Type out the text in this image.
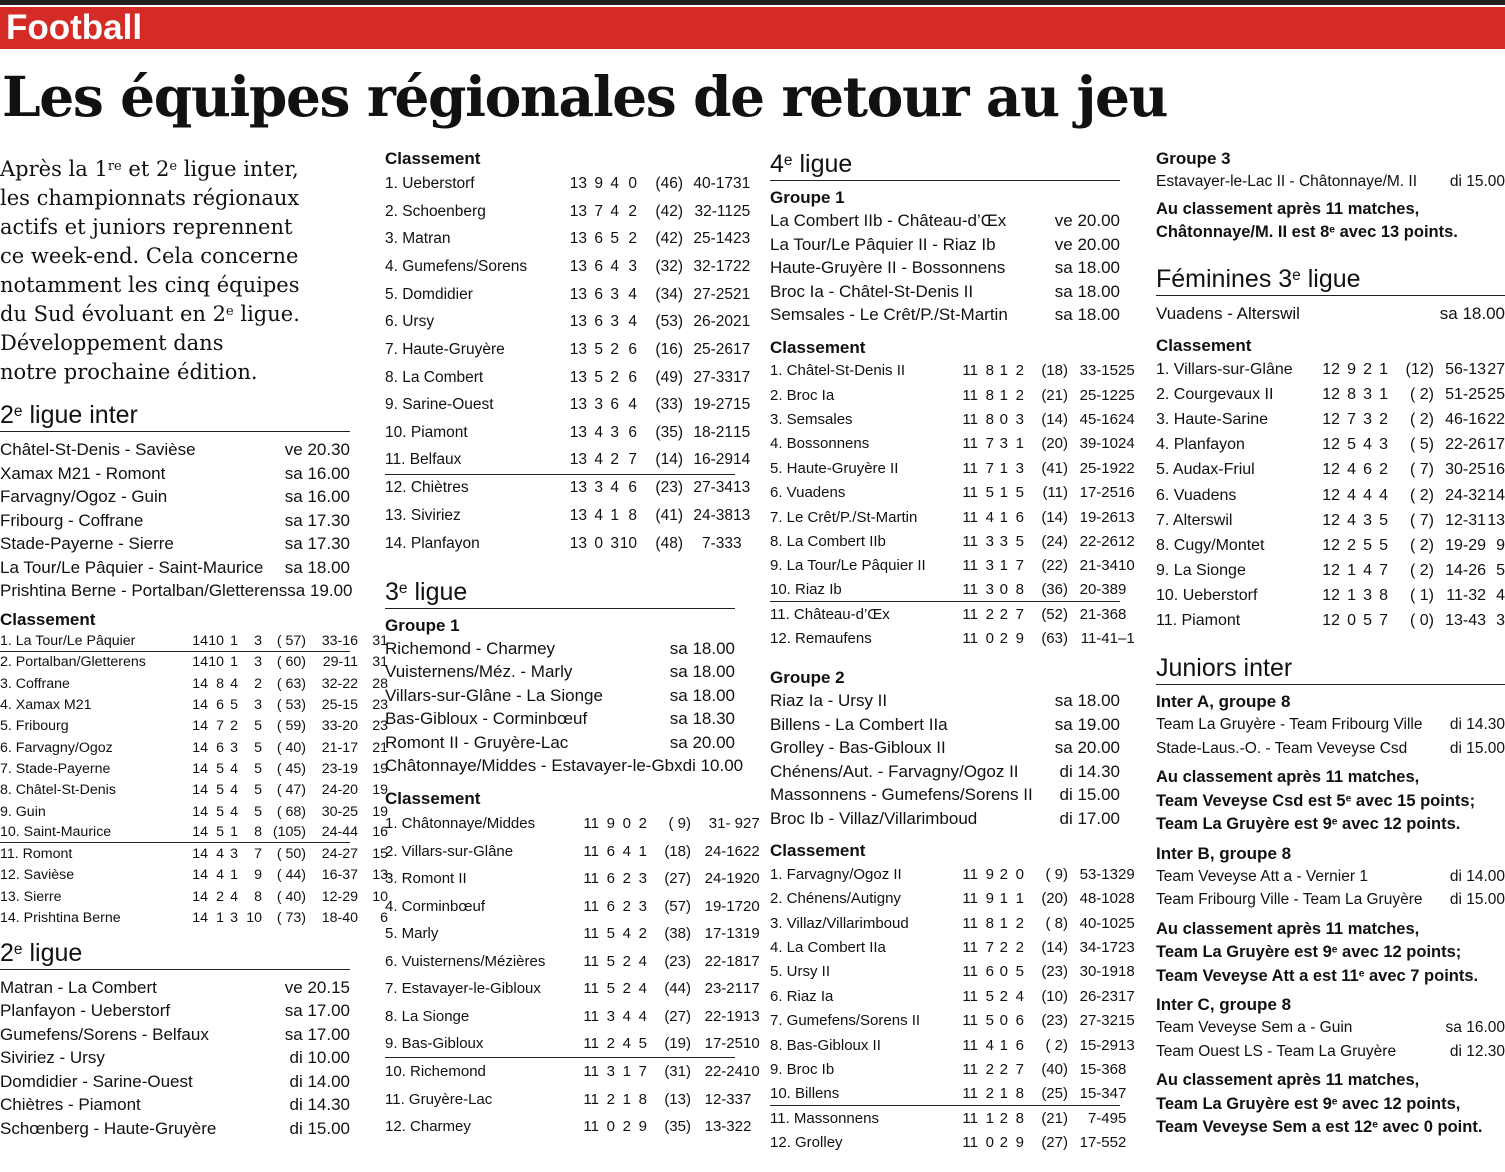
Football
Les équipes régionales de retour au jeu
Après la 1re et 2e ligue inter,
les championnats régionaux
actifs et juniors reprennent
ce week-end. Cela concerne
notamment les cinq équipes
du Sud évoluant en 2e ligue.
Développement dans
notre prochaine édition.
2e ligue inter
Châtel-St-Denis - Savièse	ve 20.30
Xamax M21 - Romont	sa 16.00
Farvagny/Ogoz - Guin	sa 16.00
Fribourg - Coffrane	sa 17.30
Stade-Payerne - Sierre	sa 17.30
La Tour/Le Pâquier - Saint-Maurice sa 18.00
Prishtina Berne - Portalban/Gletterens sa 19.00
Classement
1. La Tour/Le Pâquier	14 10 1	3	( 57)	33-16	31
2. Portalban/Gletterens	14 10 1	3	( 60)	29-11	31
3. Coffrane	14 8 4	2	( 63)	32-22	28
4. Xamax M21	14 6 5	3	( 53)	25-15	23
5. Fribourg	14 7 2	5	( 59)	33-20	23
6. Farvagny/Ogoz	14 6 3	5	( 40)	21-17	21
7. Stade-Payerne	14 5 4	5	( 45)	23-19	19
8. Châtel-St-Denis	14 5 4	5	( 47)	24-20	19
9. Guin	14 5 4	5	( 68)	30-25	19
10. Saint-Maurice	14 5 1	8 (105)	24-44	16
11. Romont	14 4 3	7	( 50)	24-27	15
12. Savièse	14 4 1	9	( 44)	16-37	13
13. Sierre	14 2 4	8	( 40)	12-29	10
14. Prishtina Berne	14 1 3 10	( 73)	18-40	6
2e ligue
Matran - La Combert	ve 20.15
Planfayon - Ueberstorf	sa 17.00
Gumefens/Sorens - Belfaux	sa 17.00
Siviriez - Ursy	di 10.00
Domdidier - Sarine-Ouest	di 14.00
Chiètres - Piamont	di 14.30
Schœnberg - Haute-Gruyère	di 15.00
Classement
1. Ueberstorf	13 9 4 0	(46) 40-17 31
2. Schoenberg	13 7 4 2	(42) 32-11 25
3. Matran	13 6 5 2	(42) 25-14 23
4. Gumefens/Sorens	13 6 4 3	(32) 32-17 22
5. Domdidier	13 6 3 4	(34) 27-25 21
6. Ursy	13 6 3 4	(53) 26-20 21
7. Haute-Gruyère	13 5 2 6	(16) 25-26 17
8. La Combert	13 5 2 6	(49) 27-33 17
9. Sarine-Ouest	13 3 6 4	(33) 19-27 15
10. Piamont	13 4 3 6	(35) 18-21 15
11. Belfaux	13 4 2 7	(14) 16-29 14
12. Chiètres	13 3 4 6	(23) 27-34 13
13. Siviriez	13 4 1 8	(41) 24-38 13
14. Planfayon	13 0 3 10	(48)	7-33 3
3e ligue
Groupe 1
Richemond - Charmey	sa 18.00
Vuisternens/Méz. - Marly	sa 18.00
Villars-sur-Glâne - La Sionge	sa 18.00
Bas-Gibloux - Corminbœuf	sa 18.30
Romont II - Gruyère-Lac	sa 20.00
Châtonnaye/Middes - Estavayer-le-Gbx di 10.00
Classement
1. Châtonnaye/Middes	11 9 0 2	( 9)	31- 9 27
2. Villars-sur-Glâne	11 6 4 1	(18) 24-16 22
3. Romont II	11 6 2 3	(27) 24-19 20
4. Corminbœuf	11 6 2 3	(57) 19-17 20
5. Marly	11 5 4 2	(38) 17-13 19
6. Vuisternens/Mézières	11 5 2 4	(23) 22-18 17
7. Estavayer-le-Gibloux	11 5 2 4	(44) 23-21 17
8. La Sionge	11 3 4 4	(27) 22-19 13
9. Bas-Gibloux	11 2 4 5	(19) 17-25 10
10. Richemond	11 3 1 7	(31) 22-24 10
11. Gruyère-Lac	11 2 1 8	(13) 12-33 7
12. Charmey	11 0 2 9	(35) 13-32 2
4e ligue
Groupe 1
La Combert IIb - Château-d’Œx	ve 20.00
La Tour/Le Pâquier II - Riaz Ib	ve 20.00
Haute-Gruyère II - Bossonnens	sa 18.00
Broc Ia - Châtel-St-Denis II	sa 18.00
Semsales - Le Crêt/P./St-Martin	sa 18.00
Classement
1. Châtel-St-Denis II	11 8 1 2	(18) 33-15 25
2. Broc Ia	11 8 1 2	(21) 25-12 25
3. Semsales	11 8 0 3	(14) 45-16 24
4. Bossonnens	11 7 3 1	(20) 39-10 24
5. Haute-Gruyère II	11 7 1 3	(41) 25-19 22
6. Vuadens	11 5 1 5	(11) 17-25 16
7. Le Crêt/P./St-Martin	11 4 1 6	(14) 19-26 13
8. La Combert IIb	11 3 3 5	(24) 22-26 12
9. La Tour/Le Pâquier II	11 3 1 7	(22) 21-34 10
10. Riaz Ib	11 3 0 8	(36) 20-38 9
11. Château-d’Œx	11 2 2 7	(52) 21-36 8
12. Remaufens	11 0 2 9	(63) 11-41 –1
Groupe 2
Riaz Ia - Ursy II	sa 18.00
Billens - La Combert IIa	sa 19.00
Grolley - Bas-Gibloux II	sa 20.00
Chénens/Aut. - Farvagny/Ogoz II di 14.30
Massonnens - Gumefens/Sorens II di 15.00
Broc Ib - Villaz/Villarimboud	di 17.00
Classement
1. Farvagny/Ogoz II	11 9 2 0	( 9) 53-13 29
2. Chénens/Autigny	11 9 1 1	(20) 48-10 28
3. Villaz/Villarimboud	11 8 1 2	( 8) 40-10 25
4. La Combert IIa	11 7 2 2	(14) 34-17 23
5. Ursy II	11 6 0 5	(23) 30-19 18
6. Riaz Ia	11 5 2 4	(10) 26-23 17
7. Gumefens/Sorens II	11 5 0 6	(23) 27-32 15
8. Bas-Gibloux II	11 4 1 6	( 2) 15-29 13
9. Broc Ib	11 2 2 7	(40) 15-36 8
10. Billens	11 2 1 8	(25) 15-34 7
11. Massonnens	11 1 2 8	(21)	7-49 5
12. Grolley	11 0 2 9	(27) 17-55 2
Groupe 3
Estavayer-le-Lac II - Châtonnaye/M. II di 15.00
Au classement après 11 matches,
Châtonnaye/M. II est 8e avec 13 points.
Féminines 3e ligue
Vuadens - Alterswil	sa 18.00
Classement
1. Villars-sur-Glâne	12 9 2 1	(12) 56-13 27
2. Courgevaux II	12 8 3 1	( 2) 51-25 25
3. Haute-Sarine	12 7 3 2	( 2) 46-16 22
4. Planfayon	12 5 4 3	( 5) 22-26 17
5. Audax-Friul	12 4 6 2	( 7) 30-25 16
6. Vuadens	12 4 4 4	( 2) 24-32 14
7. Alterswil	12 4 3 5	( 7) 12-31 13
8. Cugy/Montet	12 2 5 5	( 2) 19-29 9
9. La Sionge	12 1 4 7	( 2) 14-26 5
10. Ueberstorf	12 1 3 8	( 1) 11-32 4
11. Piamont	12 0 5 7	( 0) 13-43 3
Juniors inter
Inter A, groupe 8
Team La Gruyère - Team Fribourg Ville di 14.30
Stade-Laus.-O. - Team Veveyse Csd	di 15.00
Au classement après 11 matches,
Team Veveyse Csd est 5e avec 15 points;
Team La Gruyère est 9e avec 12 points.
Inter B, groupe 8
Team Veveyse Att a - Vernier 1	di 14.00
Team Fribourg Ville - Team La Gruyère di 15.00
Au classement après 11 matches,
Team La Gruyère est 9e avec 12 points;
Team Veveyse Att a est 11e avec 7 points.
Inter C, groupe 8
Team Veveyse Sem a - Guin	sa 16.00
Team Ouest LS - Team La Gruyère	di 12.30
Au classement après 11 matches,
Team La Gruyère est 9e avec 12 points,
Team Veveyse Sem a est 12e avec 0 point.
